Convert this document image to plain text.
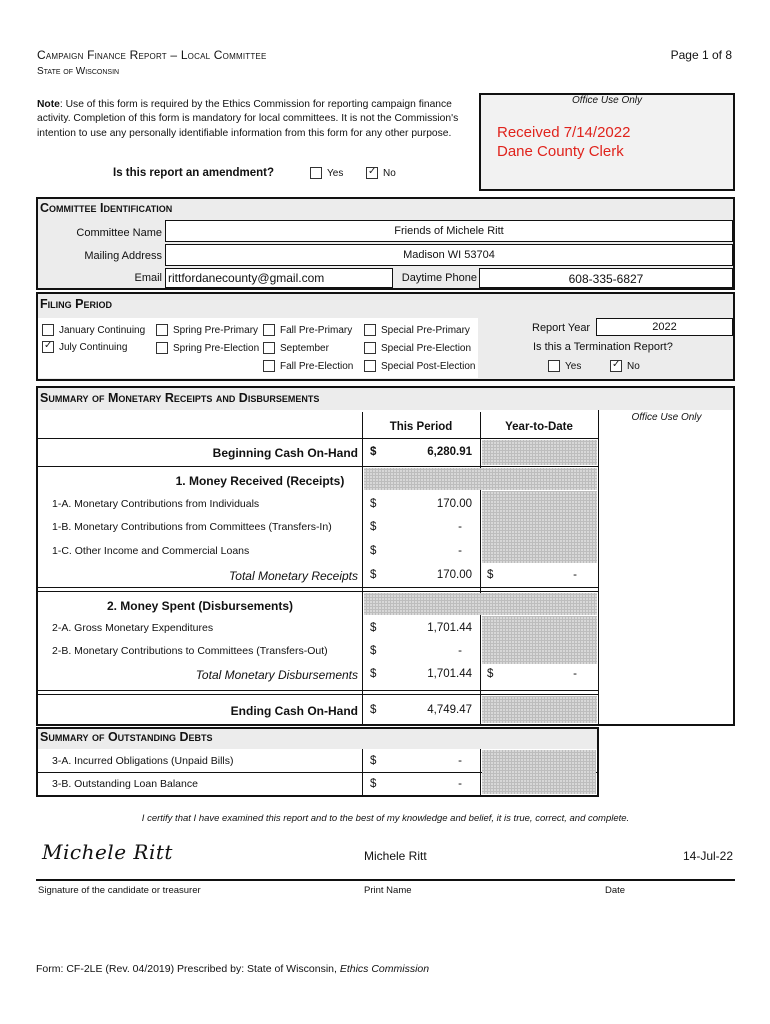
Campaign Finance Report – Local Committee
State of Wisconsin
Page 1 of 8
Note: Use of this form is required by the Ethics Commission for reporting campaign finance activity. Completion of this form is mandatory for local committees. It is not the Commission's intention to use any personally identifiable information from this form for any other purpose.
Office Use Only
Received 7/14/2022
Dane County Clerk
Is this report an amendment?	Yes ✓	No
Committee Identification
Committee Name	Friends of Michele Ritt
Mailing Address	Madison WI 53704
Email rittfordanecounty@gmail.com	Daytime Phone	608-335-6827
Filing Period
January Continuing
✓
July Continuing
Spring Pre-Primary
Spring Pre-Election
Fall Pre-Primary
September
Fall Pre-Election
Special Pre-Primary
Special Pre-Election
Special Post-Election
Report Year	2022
Is this a Termination Report?
Yes ✓	No
Summary of Monetary Receipts and Disbursements
Office Use Only
This Period	Year-to-Date
Beginning Cash On-Hand $	6,280.91
1. Money Received (Receipts)
1-A. Monetary Contributions from Individuals	$	170.00
1-B. Monetary Contributions from Committees (Transfers-In)	$	-
1-C. Other Income and Commercial Loans	$	-
Total Monetary Receipts $	170.00 $	-
2. Money Spent (Disbursements)
2-A. Gross Monetary Expenditures	$	1,701.44
2-B. Monetary Contributions to Committees (Transfers-Out)	$	-
Total Monetary Disbursements $	1,701.44 $	-
Ending Cash On-Hand $	4,749.47
Summary of Outstanding Debts
3-A. Incurred Obligations (Unpaid Bills)	$	-
3-B. Outstanding Loan Balance	$	-
I certify that I have examined this report and to the best of my knowledge and belief, it is true, correct, and complete.
Michele Ritt	Michele Ritt	14-Jul-22
Signature of the candidate or treasurer	Print Name	Date
Form: CF-2LE (Rev. 04/2019) Prescribed by: State of Wisconsin, Ethics Commission
